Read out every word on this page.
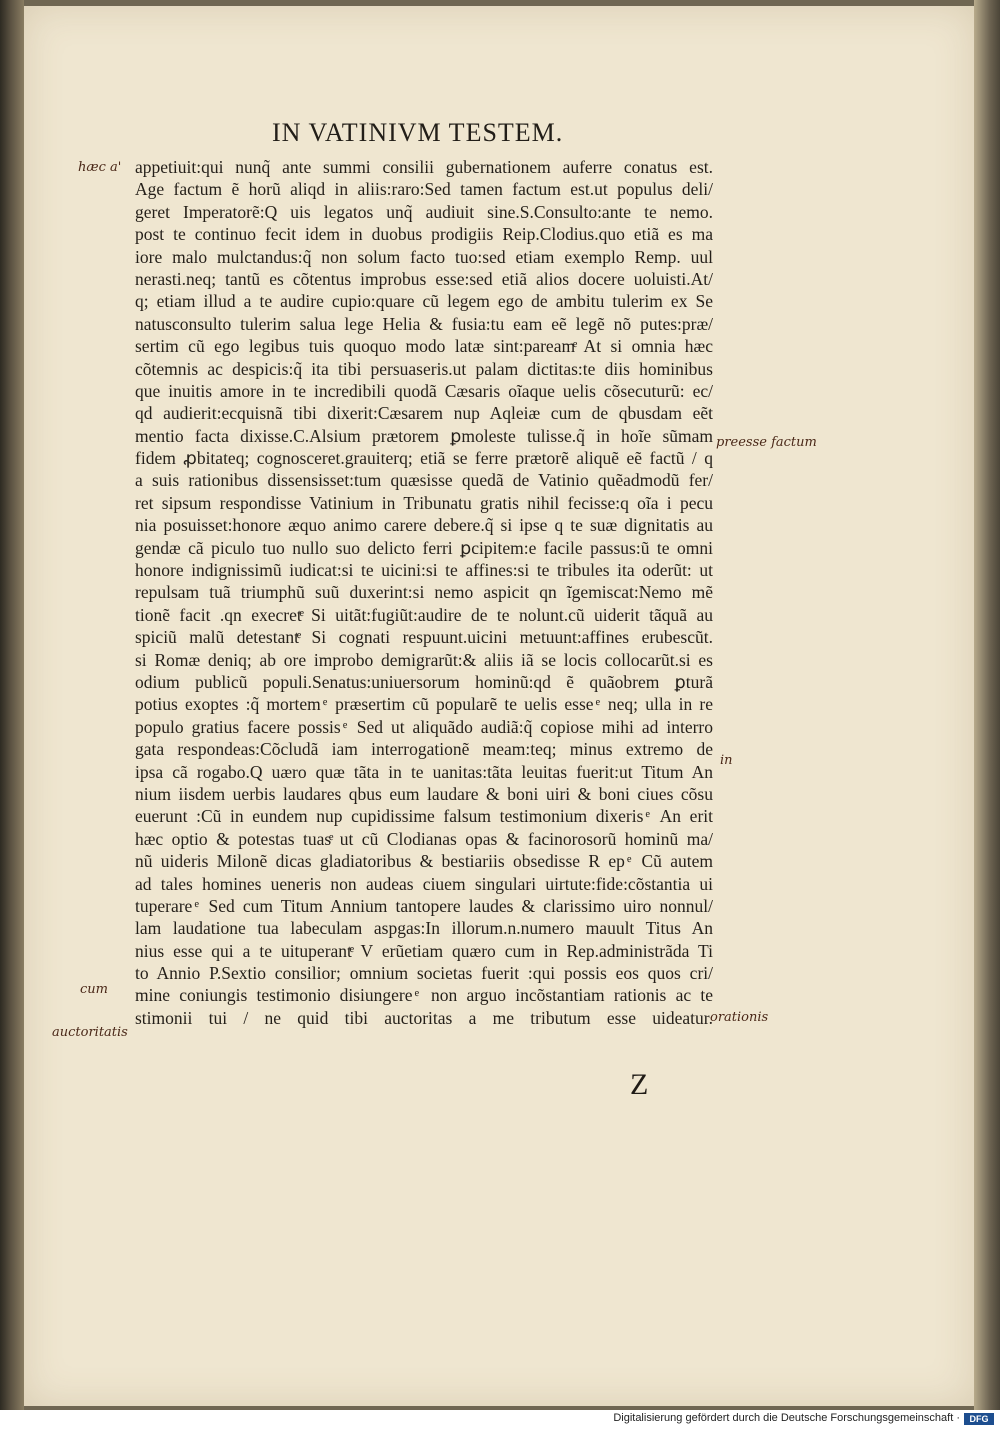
IN VATINIVM TESTEM.
appetiuit:qui nunq̃ ante summi consilii gubernationem auferre conatus est.
Age factum ẽ horũ aliqd in aliis:raro:Sed tamen factum est.ut populus deli/
geret Imperatorẽ:Q uis legatos unq̃ audiuit sine.S.Consulto:ante te nemo.
post te continuo fecit idem in duobus prodigiis Reip.Clodius.quo etiã es ma
iore malo mulctandus:q̃ non solum facto tuo:sed etiam exemplo Remp. uul
nerasti.neq; tantũ es cõtentus improbus esse:sed etiã alios docere uoluisti.At/
q; etiam illud a te audire cupio:quare cũ legem ego de ambitu tulerim ex Se
natusconsulto tulerim salua lege Helia & fusia:tu eam eẽ legẽ nõ putes:præ/
sertim cũ ego legibus tuis quoquo modo latæ sint:pareamͤ At si omnia hæc
cõtemnis ac despicis:q̃ ita tibi persuaseris.ut palam dictitas:te diis hominibus
que inuitis amore in te incredibili quodã Cæsaris oĩaque uelis cõsecuturũ: ec/
qd audierit:ecquisnã tibi dixerit:Cæsarem nup Aqleiæ cum de qbusdam eẽt
mentio facta dixisse.C.Alsium prætorem ꝑmoleste tulisse.q̃ in hoĩe sũmam
fidem ꝓbitateq; cognosceret.grauiterq; etiã se ferre prætorẽ aliquẽ eẽ factũ / q
a suis rationibus dissensisset:tum quæsisse quedã de Vatinio quẽadmodũ fer/
ret sipsum respondisse Vatinium in Tribunatu gratis nihil fecisse:q oĩa i pecu
nia posuisset:honore æquo animo carere debere.q̃ si ipse q te suæ dignitatis au
gendæ cã piculo tuo nullo suo delicto ferri ꝑcipitem:e facile passus:ũ te omni
honore indignissimũ iudicat:si te uicini:si te affines:si te tribules ita oderũt: ut
repulsam tuã triumphũ suũ duxerint:si nemo aspicit qn ĩgemiscat:Nemo mẽ
tionẽ facit .qn execretͤ Si uitãt:fugiũt:audire de te nolunt.cũ uiderit tãquã au
spiciũ malũ detestantͤ Si cognati respuunt.uicini metuunt:affines erubescũt.
si Romæ deniq; ab ore improbo demigrarũt:& aliis iã se locis collocarũt.si es
odium publicũ populi.Senatus:uniuersorum hominũ:qd ẽ quãobrem ꝑturã
potius exoptes :q̃ mortem ͤ præsertim cũ popularẽ te uelis esse ͤ neq; ulla in re
populo gratius facere possis ͤ Sed ut aliquãdo audiã:q̃ copiose mihi ad interro
gata respondeas:Cõcludã iam interrogationẽ meam:teq; minus extremo de
ipsa cã rogabo.Q uæro quæ tãta in te uanitas:tãta leuitas fuerit:ut Titum An
nium iisdem uerbis laudares qbus eum laudare & boni uiri & boni ciues cõsu
euerunt :Cũ in eundem nup cupidissime falsum testimonium dixeris ͤ An erit
hæc optio & potestas tuasͤ ut cũ Clodianas opas & facinorosorũ hominũ ma/
nũ uideris Milonẽ dicas gladiatoribus & bestiariis obsedisse R ep ͤ Cũ autem
ad tales homines ueneris non audeas ciuem singulari uirtute:fide:cõstantia ui
tuperare ͤ Sed cum Titum Annium tantopere laudes & clarissimo uiro nonnul/
lam laudatione tua labeculam aspgas:In illorum.n.numero mauult Titus An
nius esse qui a te uituperantͤ V erũetiam quæro cum in Rep.administrãda Ti
to Annio P.Sextio consilior; omnium societas fuerit :qui possis eos quos cri/
mine coniungis testimonio disiungere ͤ non arguo incõstantiam rationis ac te
stimonii tui / ne quid tibi auctoritas a me tributum esse uideatur.
hæc a'
preesse factum
in
cum
auctoritatis
orationis
Z
Digitalisierung gefördert durch die Deutsche Forschungsgemeinschaft ·	DFG
